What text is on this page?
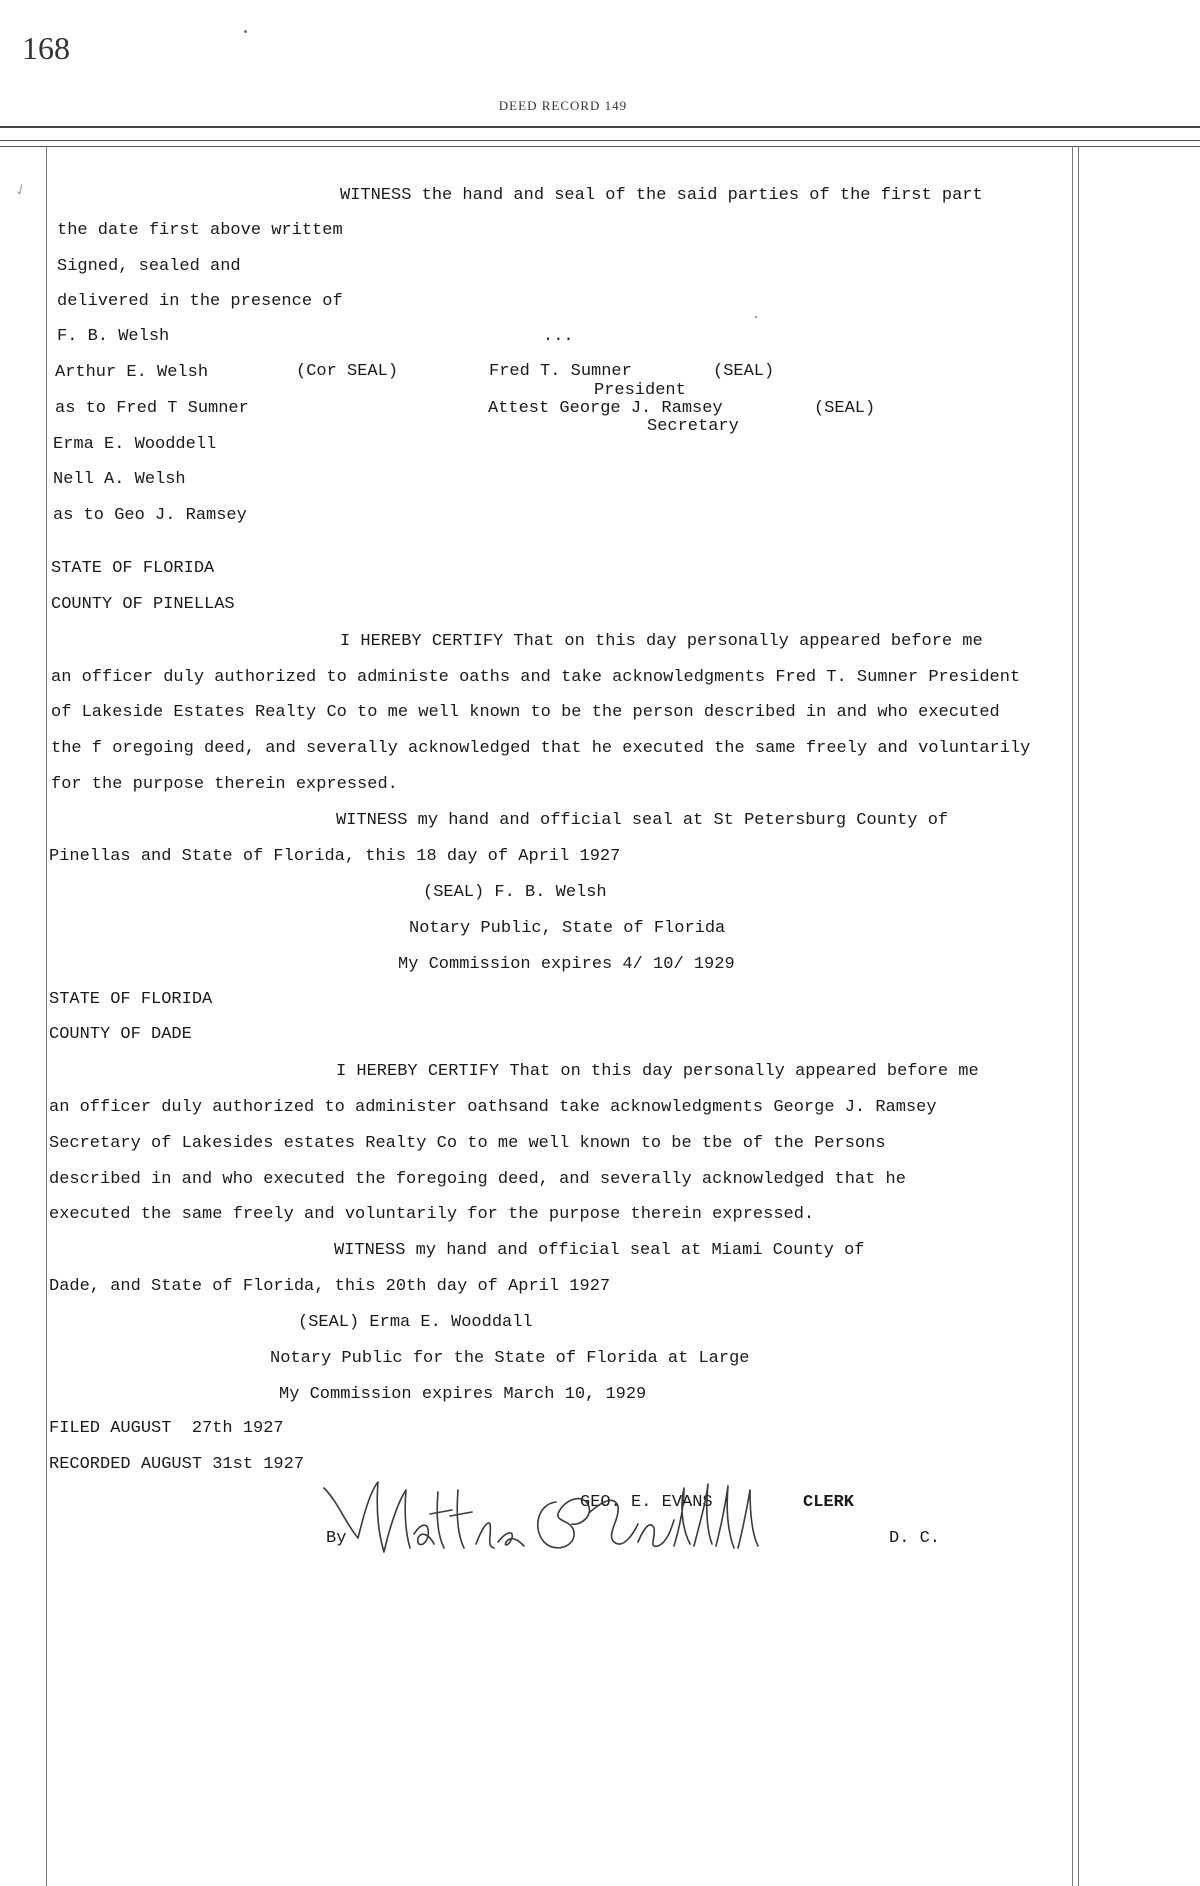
168
DEED RECORD 149
✓	WITNESS the hand and seal of the said parties of the first part
the date first above writtem
Signed, sealed and
delivered in the presence of
F. B. Welsh	...
Arthur E. Welsh	(Cor SEAL)	Fred T. Sumner	(SEAL)
President
as to Fred T Sumner	Attest George J. Ramsey	(SEAL)
Secretary
Erma E. Wooddell
Nell A. Welsh
as to Geo J. Ramsey
STATE OF FLORIDA
COUNTY OF PINELLAS
I HEREBY CERTIFY That on this day personally appeared before me
an officer duly authorized to administe oaths and take acknowledgments Fred T. Sumner President
of Lakeside Estates Realty Co to me well known to be the person described in and who executed
the f oregoing deed, and severally acknowledged that he executed the same freely and voluntarily
for the purpose therein expressed.
WITNESS my hand and official seal at St Petersburg County of
Pinellas and State of Florida, this 18 day of April 1927
(SEAL) F. B. Welsh
Notary Public, State of Florida
My Commission expires 4/ 10/ 1929
STATE OF FLORIDA
COUNTY OF DADE
I HEREBY CERTIFY That on this day personally appeared before me
an officer duly authorized to administer oathsand take acknowledgments George J. Ramsey
Secretary of Lakesides estates Realty Co to me well known to be tbe of the Persons
described in and who executed the foregoing deed, and severally acknowledged that he
executed the same freely and voluntarily for the purpose therein expressed.
WITNESS my hand and official seal at Miami County of
Dade, and State of Florida, this 20th day of April 1927
(SEAL) Erma E. Wooddall
Notary Public for the State of Florida at Large
My Commission expires March 10, 1929
FILED AUGUST  27th 1927
RECORDED AUGUST 31st 1927
GEO. E. EVANS	CLERK
By	D. C.
